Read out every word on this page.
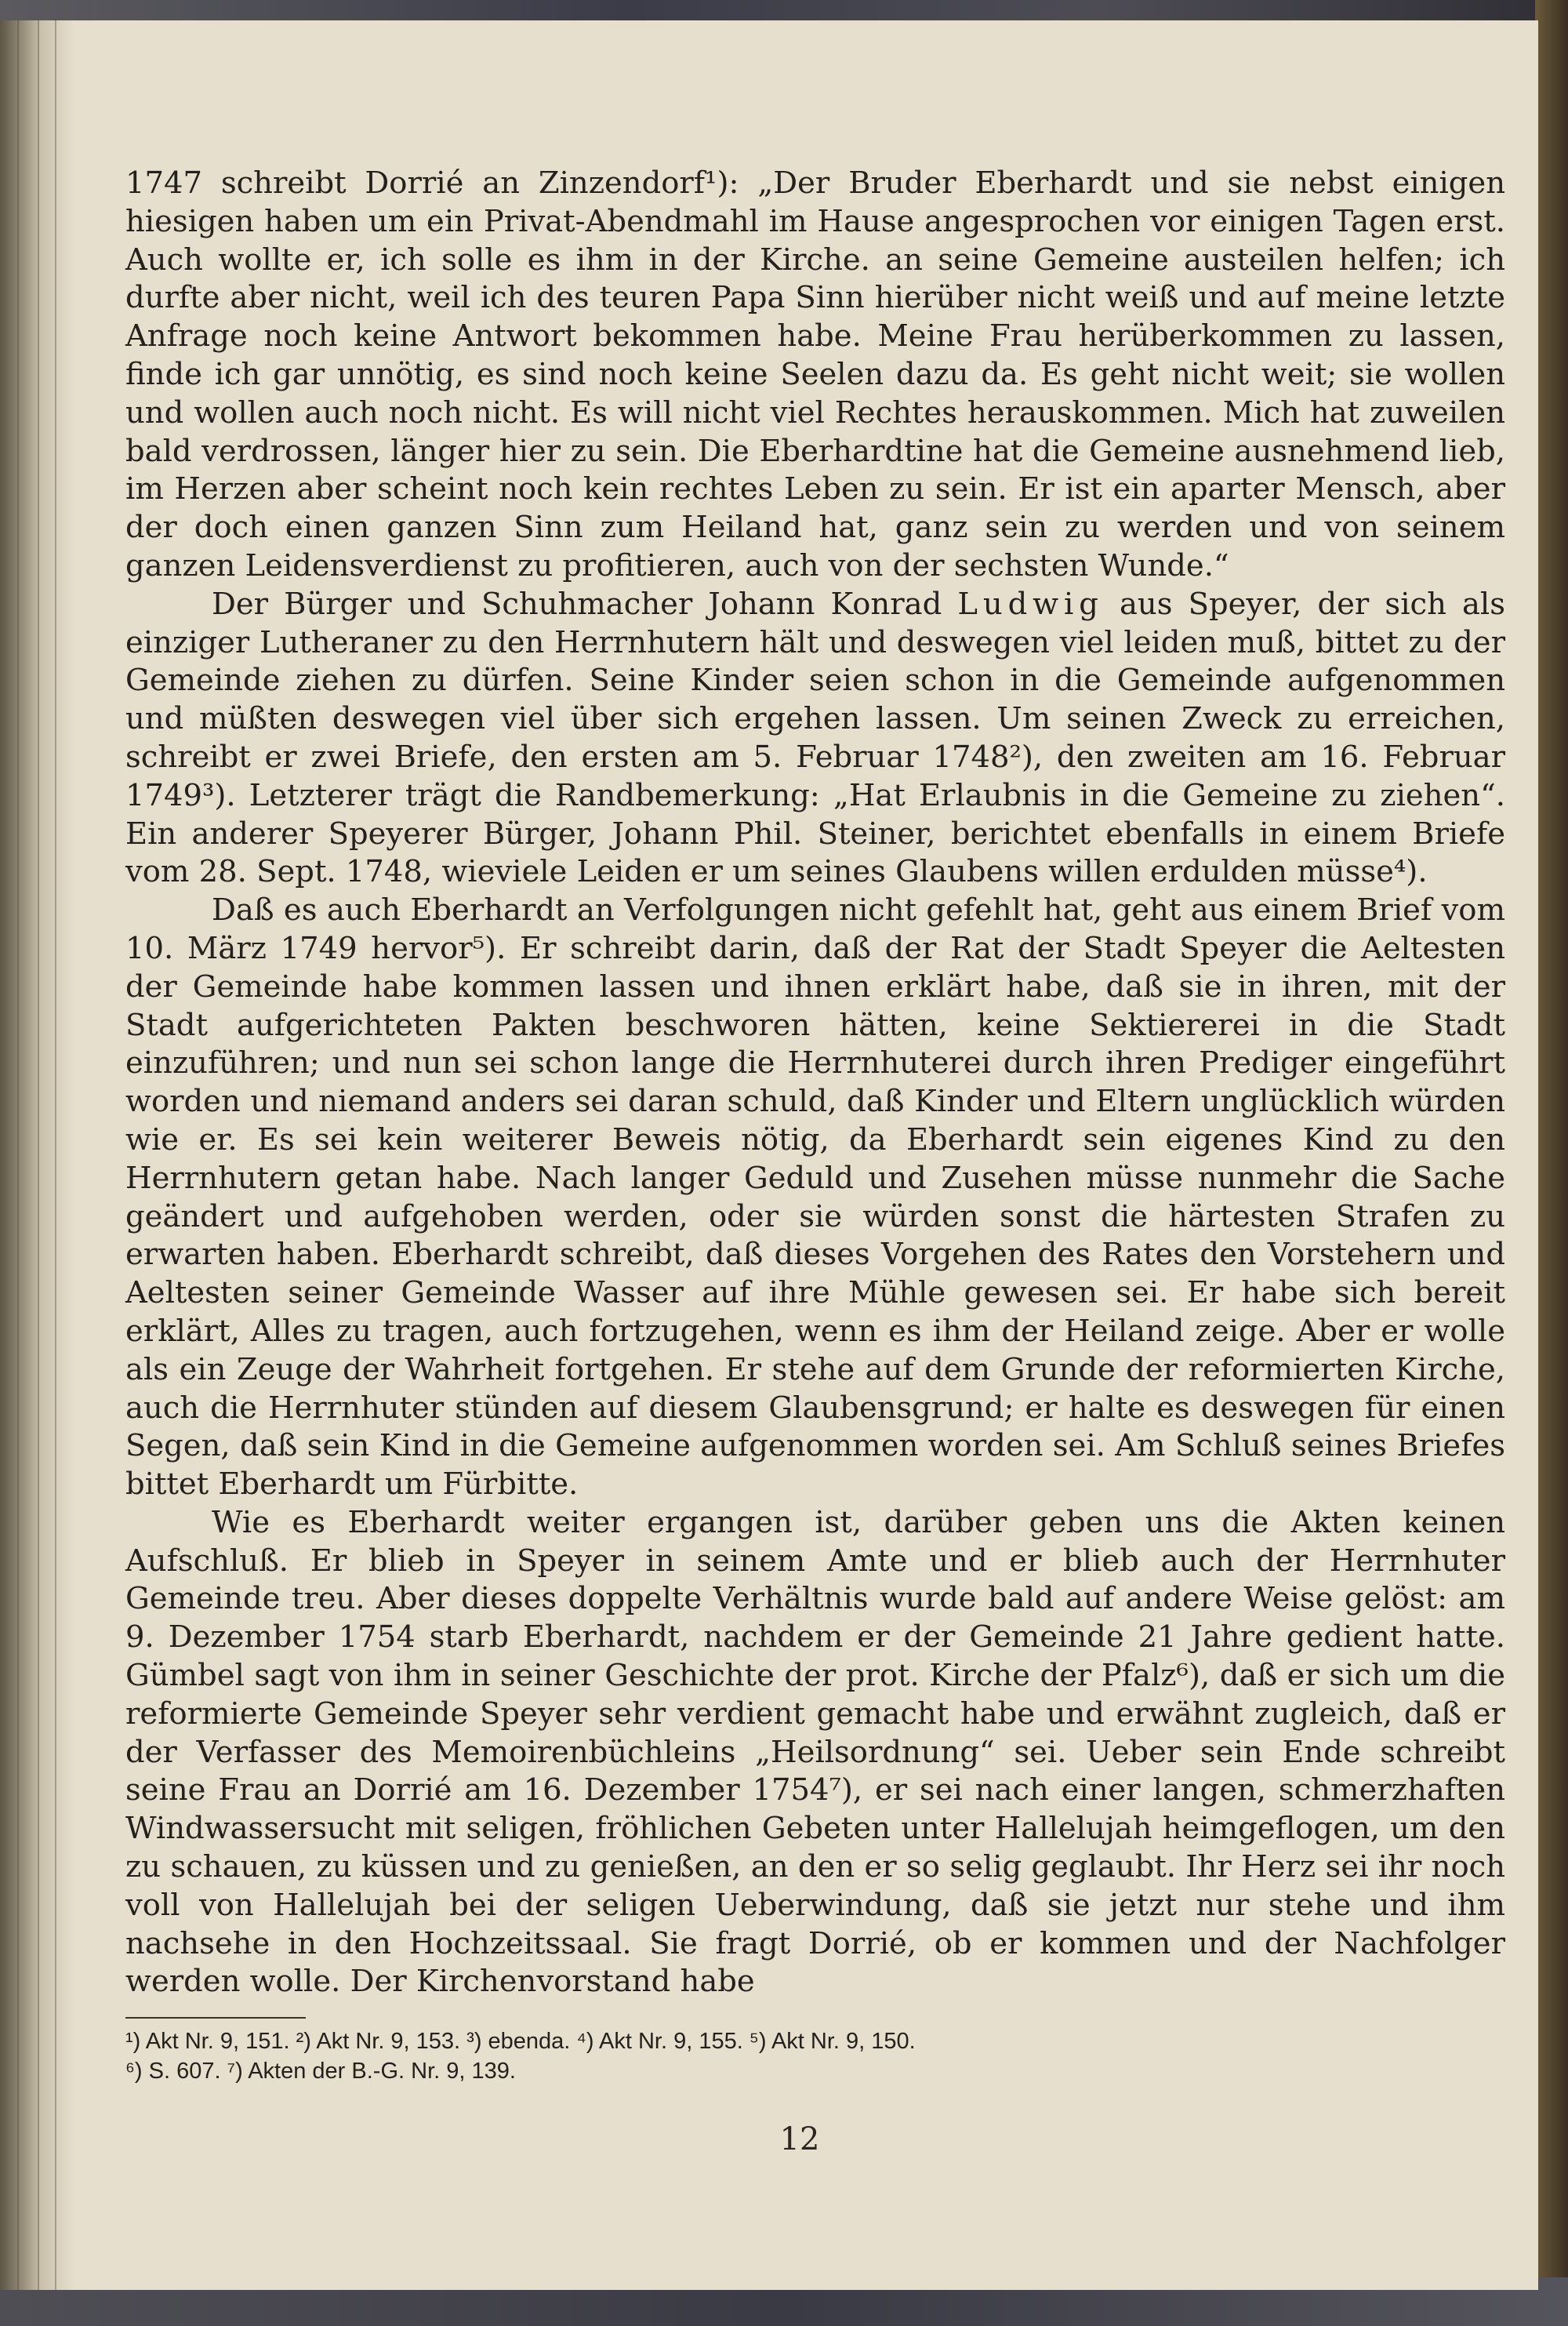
1747 schreibt Dorrié an Zinzendorf¹): „Der Bruder Eberhardt und sie nebst einigen hiesigen haben um ein Privat-Abendmahl im Hause angesprochen vor einigen Tagen erst. Auch wollte er, ich solle es ihm in der Kirche. an seine Gemeine austeilen helfen; ich durfte aber nicht, weil ich des teuren Papa Sinn hierüber nicht weiß und auf meine letzte Anfrage noch keine Antwort bekommen habe. Meine Frau herüberkommen zu lassen, finde ich gar unnötig, es sind noch keine Seelen dazu da. Es geht nicht weit; sie wollen und wollen auch noch nicht. Es will nicht viel Rechtes herauskommen. Mich hat zuweilen bald verdrossen, länger hier zu sein. Die Eberhardtine hat die Gemeine ausnehmend lieb, im Herzen aber scheint noch kein rechtes Leben zu sein. Er ist ein aparter Mensch, aber der doch einen ganzen Sinn zum Heiland hat, ganz sein zu werden und von seinem ganzen Leidensverdienst zu profitieren, auch von der sechsten Wunde.“

Der Bürger und Schuhmacher Johann Konrad Ludwig aus Speyer, der sich als einziger Lutheraner zu den Herrnhutern hält und deswegen viel leiden muß, bittet zu der Gemeinde ziehen zu dürfen. Seine Kinder seien schon in die Gemeinde aufgenommen und müßten deswegen viel über sich ergehen lassen. Um seinen Zweck zu erreichen, schreibt er zwei Briefe, den ersten am 5. Februar 1748²), den zweiten am 16. Februar 1749³). Letzterer trägt die Randbemerkung: „Hat Erlaubnis in die Gemeine zu ziehen“. Ein anderer Speyerer Bürger, Johann Phil. Steiner, berichtet ebenfalls in einem Briefe vom 28. Sept. 1748, wieviele Leiden er um seines Glaubens willen erdulden müsse⁴).

Daß es auch Eberhardt an Verfolgungen nicht gefehlt hat, geht aus einem Brief vom 10. März 1749 hervor⁵). Er schreibt darin, daß der Rat der Stadt Speyer die Aeltesten der Gemeinde habe kommen lassen und ihnen erklärt habe, daß sie in ihren, mit der Stadt aufgerichteten Pakten beschworen hätten, keine Sektiererei in die Stadt einzuführen; und nun sei schon lange die Herrnhuterei durch ihren Prediger eingeführt worden und niemand anders sei daran schuld, daß Kinder und Eltern unglücklich würden wie er. Es sei kein weiterer Beweis nötig, da Eberhardt sein eigenes Kind zu den Herrnhutern getan habe. Nach langer Geduld und Zusehen müsse nunmehr die Sache geändert und aufgehoben werden, oder sie würden sonst die härtesten Strafen zu erwarten haben. Eberhardt schreibt, daß dieses Vorgehen des Rates den Vorstehern und Aeltesten seiner Gemeinde Wasser auf ihre Mühle gewesen sei. Er habe sich bereit erklärt, Alles zu tragen, auch fortzugehen, wenn es ihm der Heiland zeige. Aber er wolle als ein Zeuge der Wahrheit fortgehen. Er stehe auf dem Grunde der reformierten Kirche, auch die Herrnhuter stünden auf diesem Glaubensgrund; er halte es deswegen für einen Segen, daß sein Kind in die Gemeine aufgenommen worden sei. Am Schluß seines Briefes bittet Eberhardt um Fürbitte.

Wie es Eberhardt weiter ergangen ist, darüber geben uns die Akten keinen Aufschluß. Er blieb in Speyer in seinem Amte und er blieb auch der Herrnhuter Gemeinde treu. Aber dieses doppelte Verhältnis wurde bald auf andere Weise gelöst: am 9. Dezember 1754 starb Eberhardt, nachdem er der Gemeinde 21 Jahre gedient hatte. Gümbel sagt von ihm in seiner Geschichte der prot. Kirche der Pfalz⁶), daß er sich um die reformierte Gemeinde Speyer sehr verdient gemacht habe und erwähnt zugleich, daß er der Verfasser des Memoirenbüchleins „Heilsordnung“ sei. Ueber sein Ende schreibt seine Frau an Dorrié am 16. Dezember 1754⁷), er sei nach einer langen, schmerzhaften Windwassersucht mit seligen, fröhlichen Gebeten unter Hallelujah heimgeflogen, um den zu schauen, zu küssen und zu genießen, an den er so selig geglaubt. Ihr Herz sei ihr noch voll von Hallelujah bei der seligen Ueberwindung, daß sie jetzt nur stehe und ihm nachsehe in den Hochzeitssaal. Sie fragt Dorrié, ob er kommen und der Nachfolger werden wolle. Der Kirchenvorstand habe

¹) Akt Nr. 9, 151. ²) Akt Nr. 9, 153. ³) ebenda. ⁴) Akt Nr. 9, 155. ⁵) Akt Nr. 9, 150.
⁶) S. 607. ⁷) Akten der B.-G. Nr. 9, 139.
12
